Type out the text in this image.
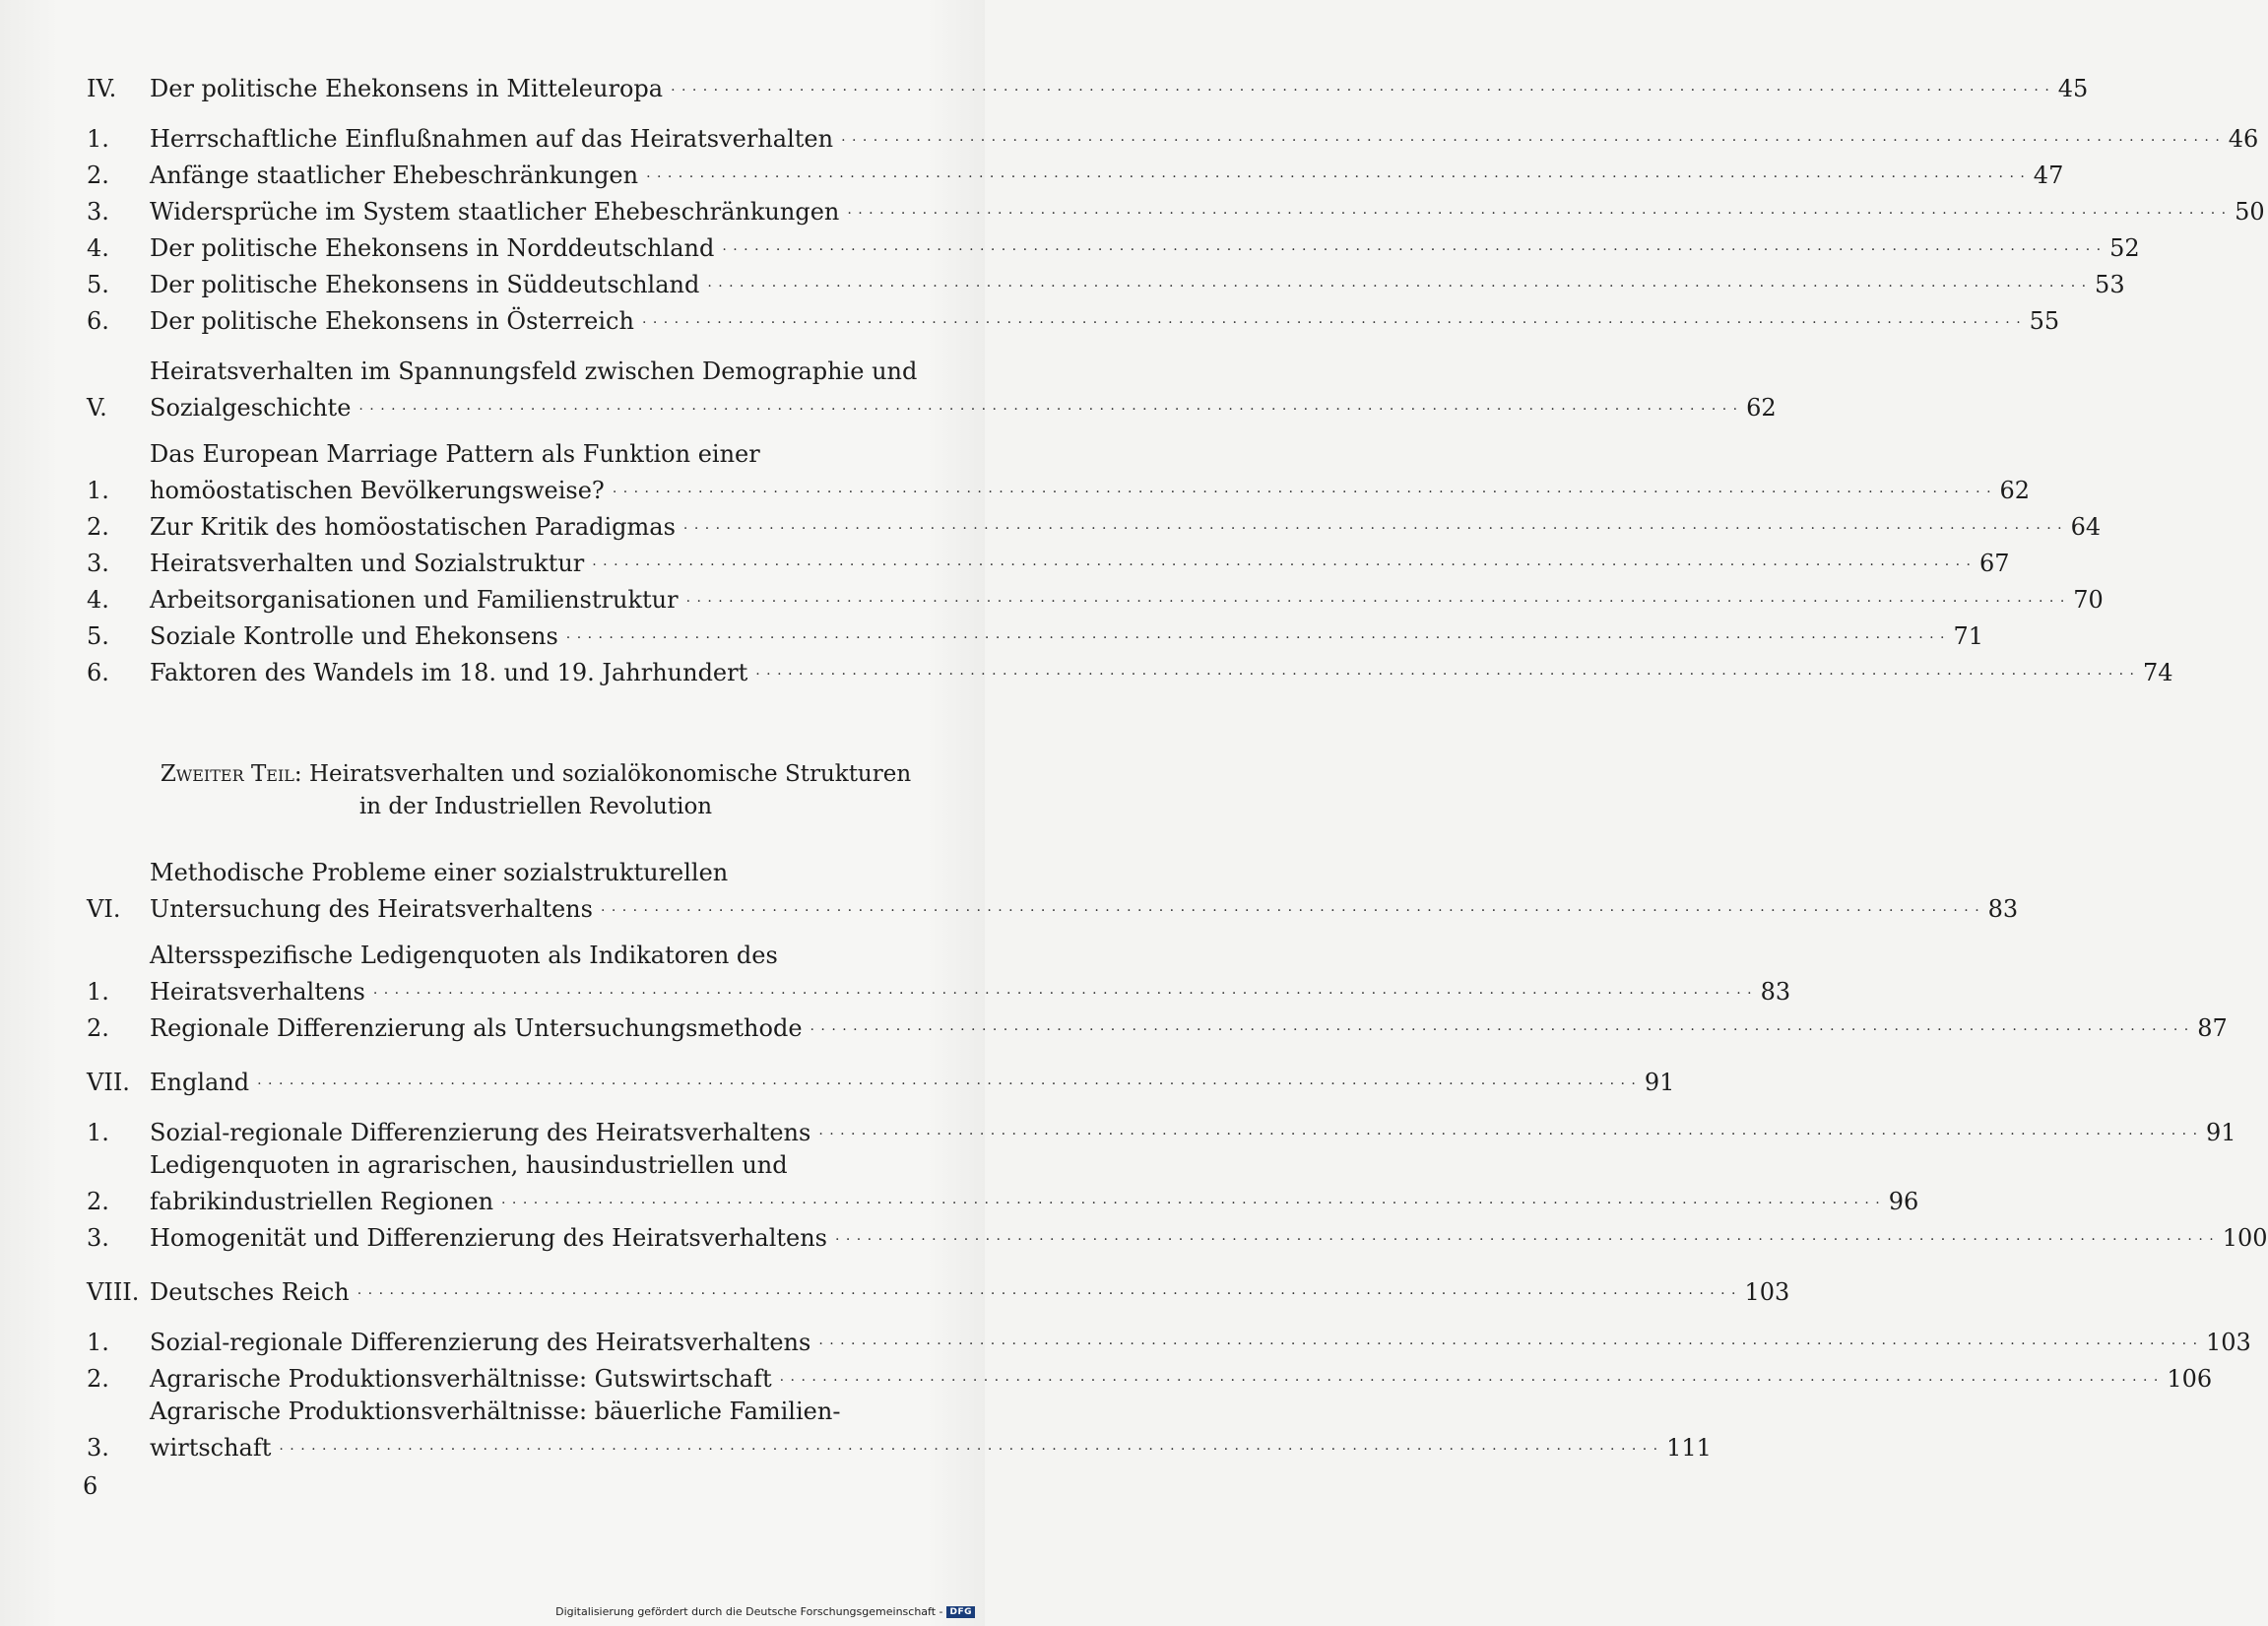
IV.	Der politische Ehekonsens in Mitteleuropa . . .	45
1.	Herrschaftliche Einflußnahmen auf das Heiratsverhalten . . .	46
2.	Anfänge staatlicher Ehebeschränkungen . . .	47
3.	Widersprüche im System staatlicher Ehebeschränkungen . . .	50
4.	Der politische Ehekonsens in Norddeutschland . . .	52
5.	Der politische Ehekonsens in Süddeutschland . . .	53
6.	Der politische Ehekonsens in Österreich . . .	55
V.
Heiratsverhalten im Spannungsfeld zwischen Demographie und
Sozialgeschichte . . .	62
1.
Das European Marriage Pattern als Funktion einer
homöostatischen Bevölkerungsweise? . . .	62
2.	Zur Kritik des homöostatischen Paradigmas . . .	64
3.	Heiratsverhalten und Sozialstruktur . . .	67
4.	Arbeitsorganisationen und Familienstruktur . . .	70
5.	Soziale Kontrolle und Ehekonsens . . .	71
6.	Faktoren des Wandels im 18. und 19. Jahrhundert . . .	74
Zweiter Teil: Heiratsverhalten und sozialökonomische Strukturen
in der Industriellen Revolution
VI.
Methodische Probleme einer sozialstrukturellen
Untersuchung des Heiratsverhaltens . . .	83
1.
Altersspezifische Ledigenquoten als Indikatoren des
Heiratsverhaltens . . .	83
2.	Regionale Differenzierung als Untersuchungsmethode . . .	87
VII. England . . .	91
1.	Sozial-regionale Differenzierung des Heiratsverhaltens . . .	91
2.
Ledigenquoten in agrarischen, hausindustriellen und
fabrikindustriellen Regionen . . .	96
3.	Homogenität und Differenzierung des Heiratsverhaltens . . .	100
VIII. Deutsches Reich . . .	103
1.	Sozial-regionale Differenzierung des Heiratsverhaltens . . .	103
2.	Agrarische Produktionsverhältnisse: Gutswirtschaft . . .	106
3.
Agrarische Produktionsverhältnisse: bäuerliche Familien-
wirtschaft . . .	111
6
Digitalisierung gefördert durch die Deutsche Forschungsgemeinschaft - DFG
